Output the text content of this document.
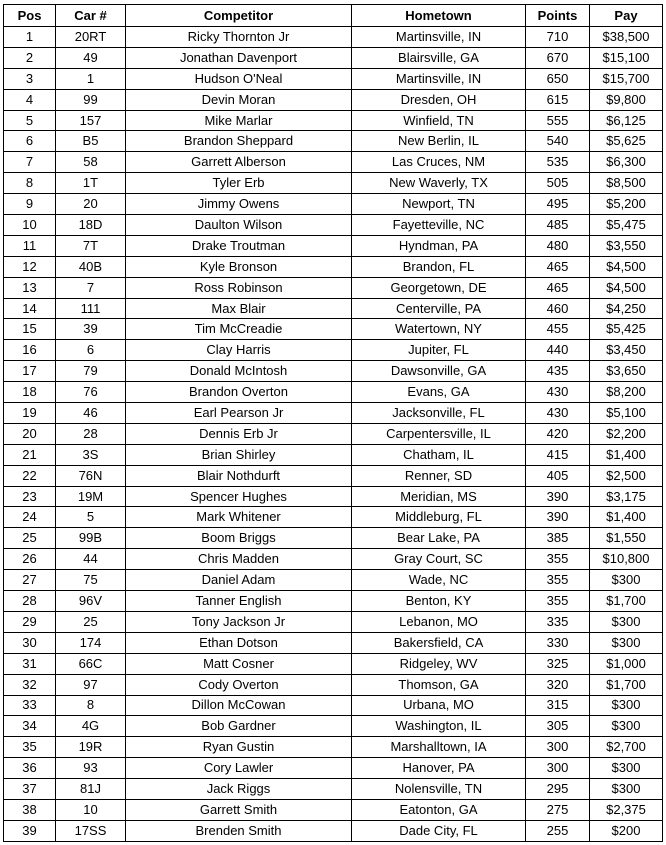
Pos	Car #	Competitor	Hometown	Points	Pay
1	20RT	Ricky Thornton Jr	Martinsville, IN	710	$38,500
2	49	Jonathan Davenport	Blairsville, GA	670	$15,100
3	1	Hudson O'Neal	Martinsville, IN	650	$15,700
4	99	Devin Moran	Dresden, OH	615	$9,800
5	157	Mike Marlar	Winfield, TN	555	$6,125
6	B5	Brandon Sheppard	New Berlin, IL	540	$5,625
7	58	Garrett Alberson	Las Cruces, NM	535	$6,300
8	1T	Tyler Erb	New Waverly, TX	505	$8,500
9	20	Jimmy Owens	Newport, TN	495	$5,200
10	18D	Daulton Wilson	Fayetteville, NC	485	$5,475
11	7T	Drake Troutman	Hyndman, PA	480	$3,550
12	40B	Kyle Bronson	Brandon, FL	465	$4,500
13	7	Ross Robinson	Georgetown, DE	465	$4,500
14	111	Max Blair	Centerville, PA	460	$4,250
15	39	Tim McCreadie	Watertown, NY	455	$5,425
16	6	Clay Harris	Jupiter, FL	440	$3,450
17	79	Donald McIntosh	Dawsonville, GA	435	$3,650
18	76	Brandon Overton	Evans, GA	430	$8,200
19	46	Earl Pearson Jr	Jacksonville, FL	430	$5,100
20	28	Dennis Erb Jr	Carpentersville, IL	420	$2,200
21	3S	Brian Shirley	Chatham, IL	415	$1,400
22	76N	Blair Nothdurft	Renner, SD	405	$2,500
23	19M	Spencer Hughes	Meridian, MS	390	$3,175
24	5	Mark Whitener	Middleburg, FL	390	$1,400
25	99B	Boom Briggs	Bear Lake, PA	385	$1,550
26	44	Chris Madden	Gray Court, SC	355	$10,800
27	75	Daniel Adam	Wade, NC	355	$300
28	96V	Tanner English	Benton, KY	355	$1,700
29	25	Tony Jackson Jr	Lebanon, MO	335	$300
30	174	Ethan Dotson	Bakersfield, CA	330	$300
31	66C	Matt Cosner	Ridgeley, WV	325	$1,000
32	97	Cody Overton	Thomson, GA	320	$1,700
33	8	Dillon McCowan	Urbana, MO	315	$300
34	4G	Bob Gardner	Washington, IL	305	$300
35	19R	Ryan Gustin	Marshalltown, IA	300	$2,700
36	93	Cory Lawler	Hanover, PA	300	$300
37	81J	Jack Riggs	Nolensville, TN	295	$300
38	10	Garrett Smith	Eatonton, GA	275	$2,375
39	17SS	Brenden Smith	Dade City, FL	255	$200
